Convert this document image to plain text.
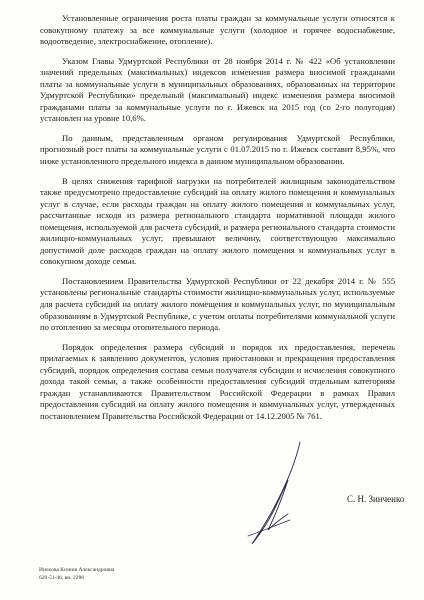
Установленные ограничения роста платы граждан за коммунальные услуги относятся к совокупному платежу за все коммунальные услуги (холодное и горячее водоснабжение, водоотведение, электроснабжение, отопление).

Указом Главы Удмуртской Республики от 28 ноября 2014 г. № 422 «Об установлении значений предельных (максимальных) индексов изменения размера вносимой гражданами платы за коммунальные услуги в муниципальных образованиях, образованных на территории Удмуртской Республики» предельный (максимальный) индекс изменения размера вносимой гражданами платы за коммунальные услуги по г. Ижевск на 2015 год (со 2-го полугодия) установлен на уровне 10,6%.

По данным, представленным органом регулирования Удмуртской Республики, прогнозный рост платы за коммунальные услуги с 01.07.2015 по г. Ижевск составит 8,95%, что ниже установленного предельного индекса в данном муниципальном образовании.

В целях снижения тарифной нагрузки на потребителей жилищным законодательством также предусмотрено предоставление субсидий на оплату жилого помещения и коммунальных услуг в случае, если расходы граждан на оплату жилого помещения и коммунальных услуг, рассчитанные исходя из размера регионального стандарта нормативной площади жилого помещения, используемой для расчета субсидий, и размера регионального стандарта стоимости жилищно-коммунальных услуг, превышают величину, соответствующую максимально допустимой доле расходов граждан на оплату жилого помещения и коммунальных услуг в совокупном доходе семьи.

Постановлением Правительства Удмуртской Республики от 22 декабря 2014 г. № 555 установлены региональные стандарты стоимости жилищно-коммунальных услуг, используемые для расчета субсидий на оплату жилого помещения и коммунальных услуг, по муниципальным образованиям в Удмуртской Республике, с учетом оплаты потребителями коммунальной услуги по отоплению за месяцы отопительного периода.

Порядок определения размера субсидий и порядок их предоставления, перечень прилагаемых к заявлению документов, условия приостановки и прекращения предоставления субсидий, порядок определения состава семьи получателя субсидии и исчисления совокупного дохода такой семьи, а также особенности предоставления субсидий отдельным категориям граждан устанавливаются Правительством Российской Федерации в рамках Правил предоставления субсидий на оплату жилого помещения и коммунальных услуг, утвержденных постановлением Правительства Российской Федерации от 14.12.2005 № 761.

С. Н. Зинченко
Иноzова Ксения Александровна
620-51-46, вн. 2286
